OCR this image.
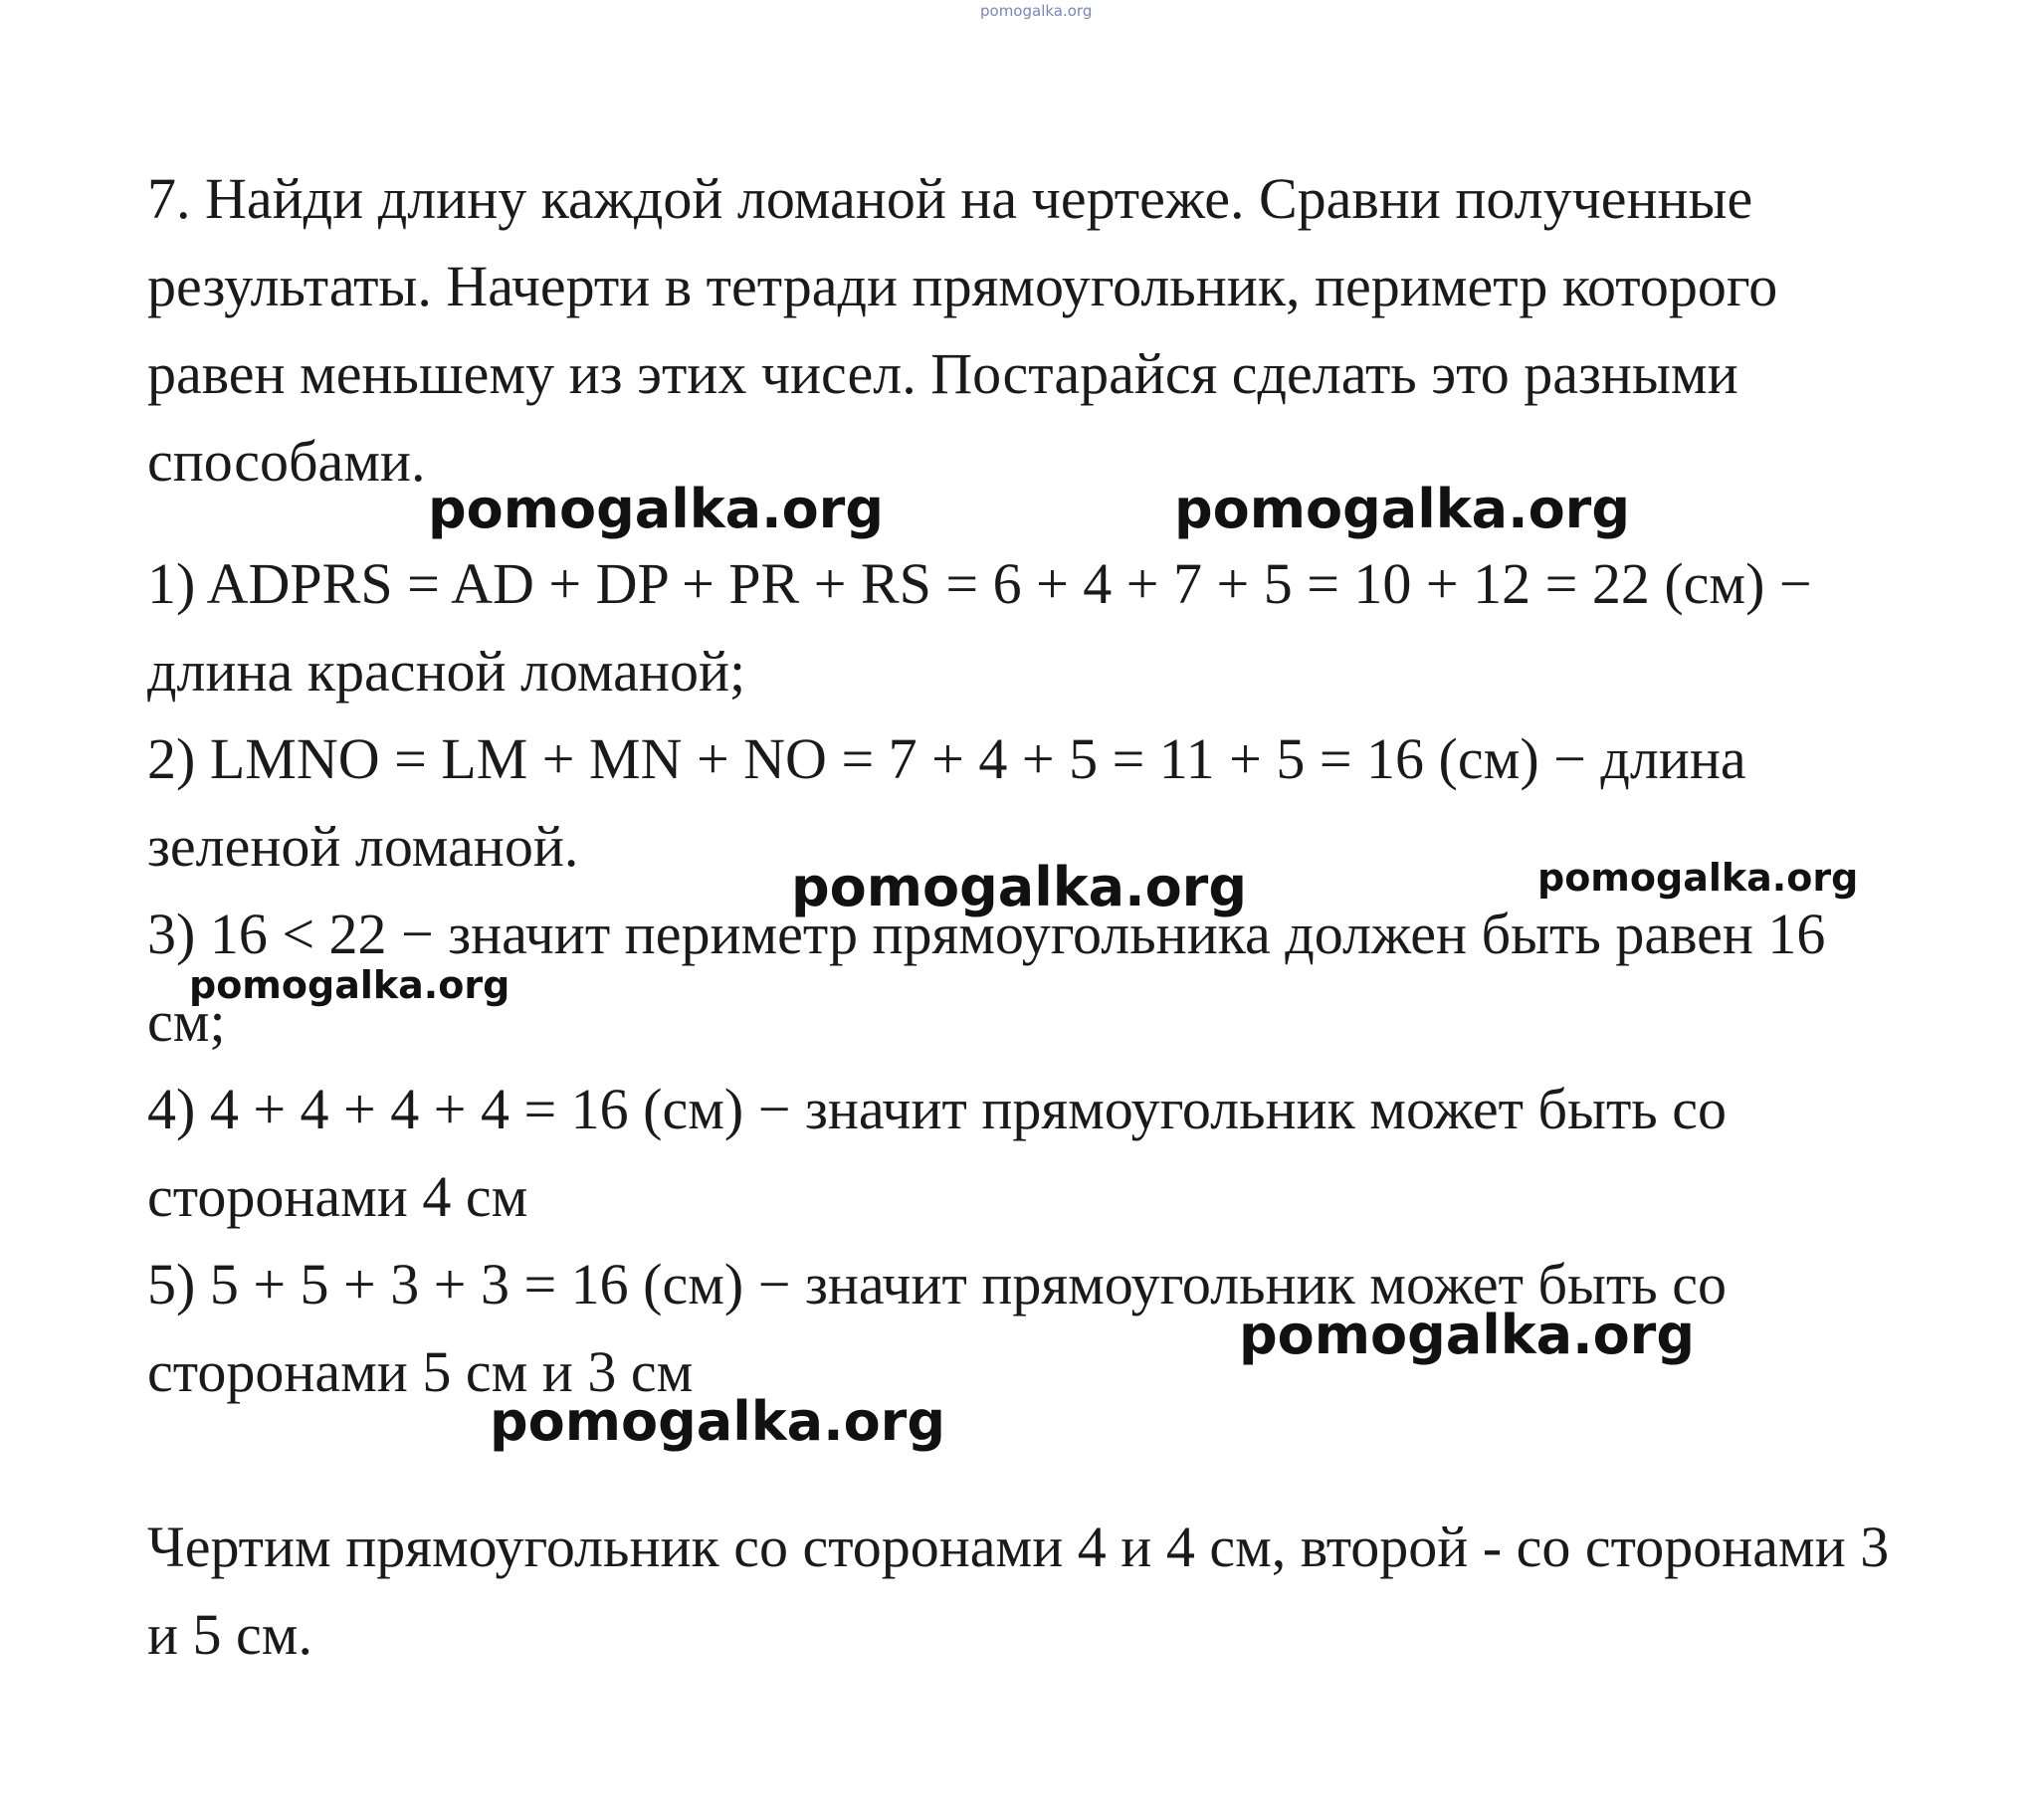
pomogalka.org
7. Найди длину каждой ломаной на чертеже. Сравни полученные
результаты. Начерти в тетради прямоугольник, периметр которого
равен меньшему из этих чисел. Постарайся сделать это разными
способами.
1) ADPRS = AD + DP + PR + RS = 6 + 4 + 7 + 5 = 10 + 12 = 22 (см) −
длина красной ломаной;
2) LMNO = LM + MN + NO = 7 + 4 + 5 = 11 + 5 = 16 (см) − длина
зеленой ломаной.
3) 16 < 22 − значит периметр прямоугольника должен быть равен 16
см;
4) 4 + 4 + 4 + 4 = 16 (см) − значит прямоугольник может быть со
сторонами 4 см
5) 5 + 5 + 3 + 3 = 16 (см) − значит прямоугольник может быть со
сторонами 5 см и 3 см
Чертим прямоугольник со сторонами 4 и 4 см, второй - со сторонами 3
и 5 см.
pomogalka.org	pomogalka.org
pomogalka.org	pomogalka.org
pomogalka.org
pomogalka.org
pomogalka.org
